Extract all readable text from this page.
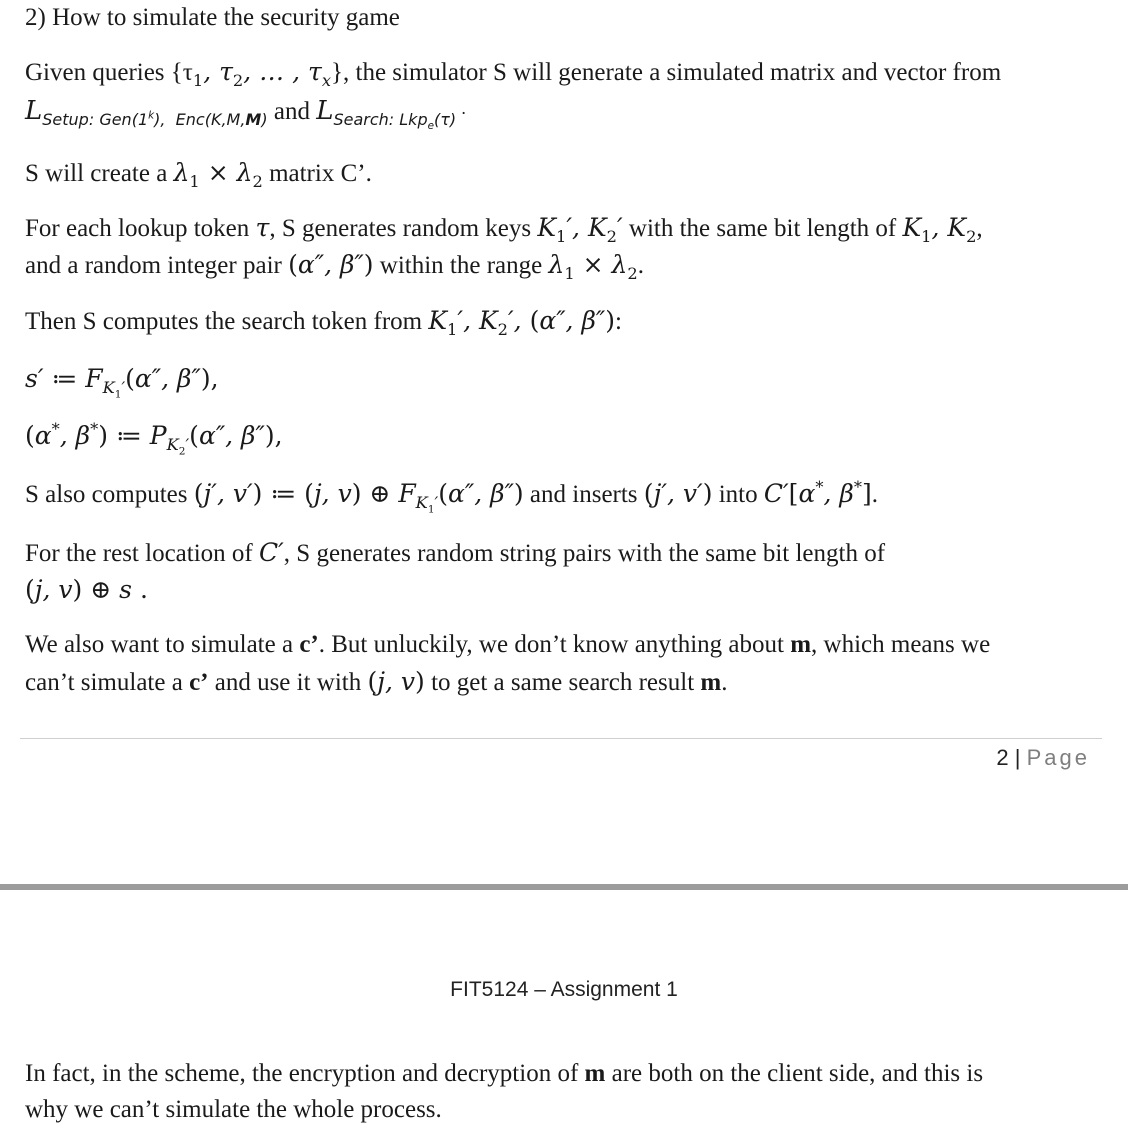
2) How to simulate the security game
Given queries {$\tau_1$, $\tau_2$, … , $\tau_x$}, the simulator S will generate a simulated matrix and vector from
$L_{Setup: Gen(1^k), Enc(K,M,M)}$ and $L_{Search: Lkp_e(\tau)}$ ·
S will create a $\lambda_1 \times \lambda_2$ matrix C’.
For each lookup token τ, S generates random keys $K_1'$, $K_2'$ with the same bit length of $K_1$, $K_2$,
and a random integer pair (α″, β″) within the range $\lambda_1 \times \lambda_2$.
Then S computes the search token from $K_1'$, $K_2'$, (α″, β″):
s′ ≔ $F_{K_1'}(\alpha''$, β″),
(α*, β*) ≔ $P_{K_2'}(\alpha''$, β″),
S also computes (j′, v′) ≔ (j, v) ⊕ $F_{K_1'}(\alpha''$, β″) and inserts (j′, v′) into C′[α*, β*].
For the rest location of C′, S generates random string pairs with the same bit length of
(j, v) ⊕ s .
We also want to simulate a c’. But unluckily, we don’t know anything about m, which means we
can’t simulate a c’ and use it with (j, v) to get a same search result m.
2 | Page
FIT5124 – Assignment 1
In fact, in the scheme, the encryption and decryption of m are both on the client side, and this is
why we can’t simulate the whole process.
